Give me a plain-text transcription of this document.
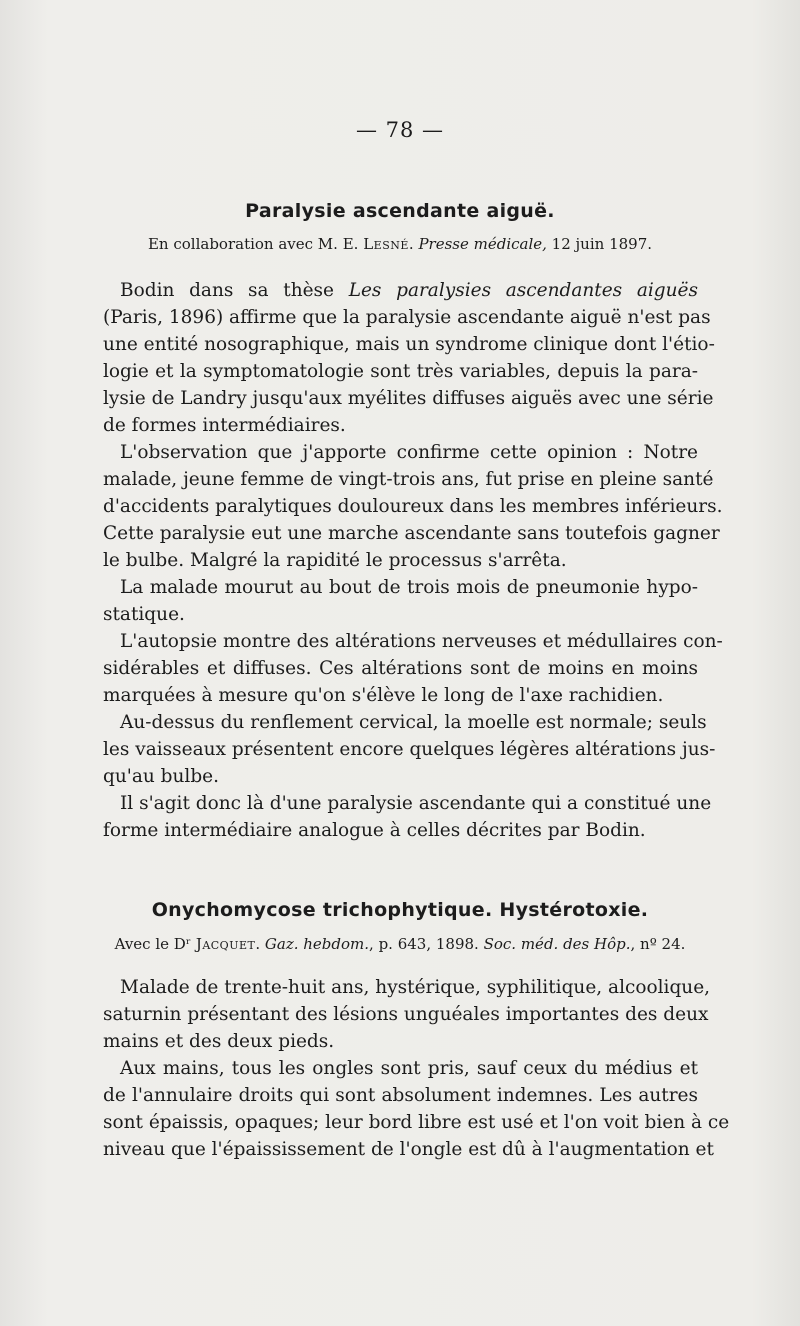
— 78 —
Paralysie ascendante aiguë.
En collaboration avec M. E. Lesné. Presse médicale, 12 juin 1897.
Bodin dans sa thèse Les paralysies ascendantes aiguës
(Paris, 1896) affirme que la paralysie ascendante aiguë n'est pas
une entité nosographique, mais un syndrome clinique dont l'étio-
logie et la symptomatologie sont très variables, depuis la para-
lysie de Landry jusqu'aux myélites diffuses aiguës avec une série
de formes intermédiaires.
L'observation que j'apporte confirme cette opinion : Notre
malade, jeune femme de vingt-trois ans, fut prise en pleine santé
d'accidents paralytiques douloureux dans les membres inférieurs.
Cette paralysie eut une marche ascendante sans toutefois gagner
le bulbe. Malgré la rapidité le processus s'arrêta.
La malade mourut au bout de trois mois de pneumonie hypo-
statique.
L'autopsie montre des altérations nerveuses et médullaires con-
sidérables et diffuses. Ces altérations sont de moins en moins
marquées à mesure qu'on s'élève le long de l'axe rachidien.
Au-dessus du renflement cervical, la moelle est normale; seuls
les vaisseaux présentent encore quelques légères altérations jus-
qu'au bulbe.
Il s'agit donc là d'une paralysie ascendante qui a constitué une
forme intermédiaire analogue à celles décrites par Bodin.
Onychomycose trichophytique. Hystérotoxie.
Avec le Dʳ Jacquet. Gaz. hebdom., p. 643, 1898. Soc. méd. des Hôp., nº 24.
Malade de trente-huit ans, hystérique, syphilitique, alcoolique,
saturnin présentant des lésions unguéales importantes des deux
mains et des deux pieds.
Aux mains, tous les ongles sont pris, sauf ceux du médius et
de l'annulaire droits qui sont absolument indemnes. Les autres
sont épaissis, opaques; leur bord libre est usé et l'on voit bien à ce
niveau que l'épaississement de l'ongle est dû à l'augmentation et
